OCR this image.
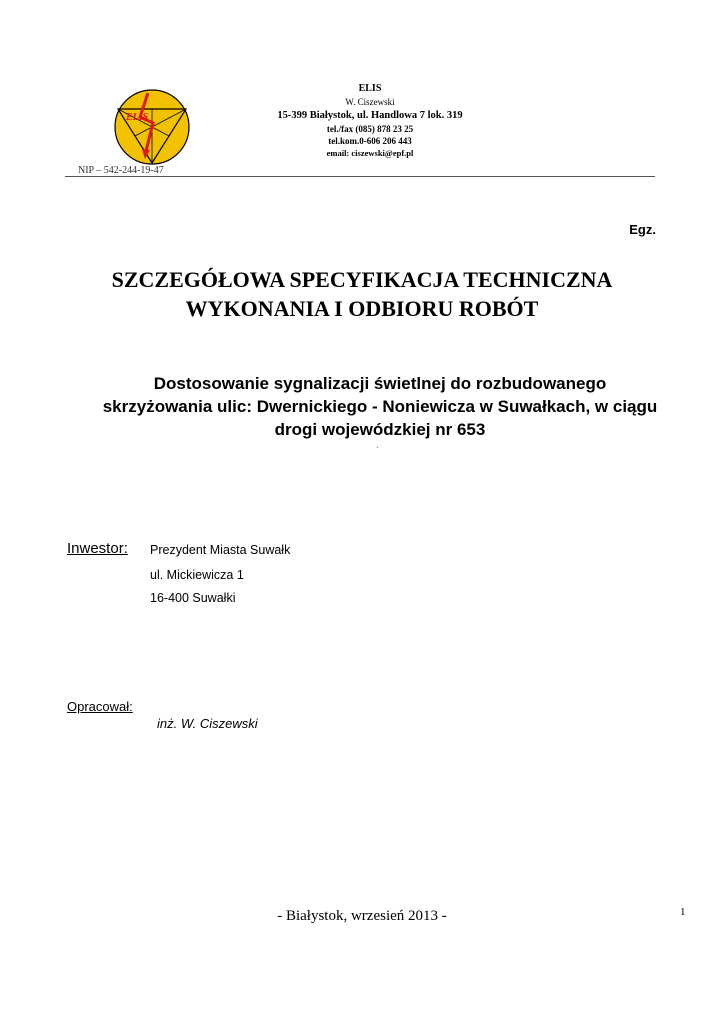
ELIS
ELIS
W. Ciszewski
15-399 Białystok, ul. Handlowa 7 lok. 319
tel./fax (085) 878 23 25
tel.kom.0-606 206 443
email: ciszewski@epf.pl
NIP – 542-244-19-47
Egz.
SZCZEGÓŁOWA SPECYFIKACJA TECHNICZNA
WYKONANIA I ODBIORU ROBÓT
Dostosowanie sygnalizacji świetlnej do rozbudowanego
skrzyżowania ulic: Dwernickiego - Noniewicza w Suwałkach, w ciągu
drogi wojewódzkiej nr 653
.
Inwestor: Prezydent Miasta Suwałk
ul. Mickiewicza 1
16-400 Suwałki
Opracował:
inż. W. Ciszewski
- Białystok, wrzesień 2013 -	1
